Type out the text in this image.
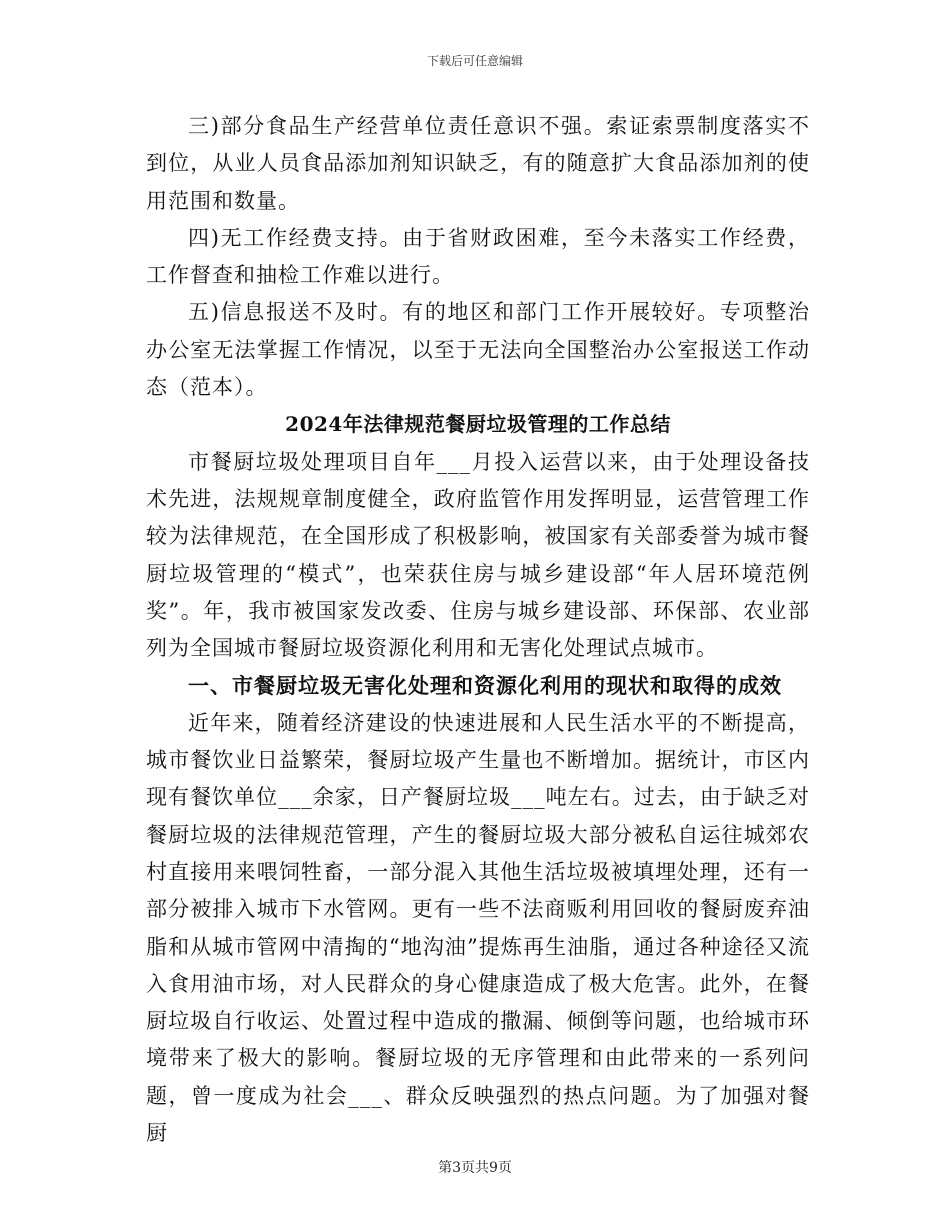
下载后可任意编辑

三)部分食品生产经营单位责任意识不强。索证索票制度落实不到位，从业人员食品添加剂知识缺乏，有的随意扩大食品添加剂的使用范围和数量。

四)无工作经费支持。由于省财政困难，至今未落实工作经费，工作督查和抽检工作难以进行。

五)信息报送不及时。有的地区和部门工作开展较好。专项整治办公室无法掌握工作情况，以至于无法向全国整治办公室报送工作动态（范本）。

2024年法律规范餐厨垃圾管理的工作总结

市餐厨垃圾处理项目自年___月投入运营以来，由于处理设备技术先进，法规规章制度健全，政府监管作用发挥明显，运营管理工作较为法律规范，在全国形成了积极影响，被国家有关部委誉为城市餐厨垃圾管理的“模式”，也荣获住房与城乡建设部“年人居环境范例奖”。年，我市被国家发改委、住房与城乡建设部、环保部、农业部列为全国城市餐厨垃圾资源化利用和无害化处理试点城市。

一、市餐厨垃圾无害化处理和资源化利用的现状和取得的成效

近年来，随着经济建设的快速进展和人民生活水平的不断提高，城市餐饮业日益繁荣，餐厨垃圾产生量也不断增加。据统计，市区内现有餐饮单位___余家，日产餐厨垃圾___吨左右。过去，由于缺乏对餐厨垃圾的法律规范管理，产生的餐厨垃圾大部分被私自运往城郊农村直接用来喂饲牲畜，一部分混入其他生活垃圾被填埋处理，还有一部分被排入城市下水管网。更有一些不法商贩利用回收的餐厨废弃油脂和从城市管网中清掏的“地沟油”提炼再生油脂，通过各种途径又流入食用油市场，对人民群众的身心健康造成了极大危害。此外，在餐厨垃圾自行收运、处置过程中造成的撒漏、倾倒等问题，也给城市环境带来了极大的影响。餐厨垃圾的无序管理和由此带来的一系列问题，曾一度成为社会___、群众反映强烈的热点问题。为了加强对餐厨

第3页共9页
